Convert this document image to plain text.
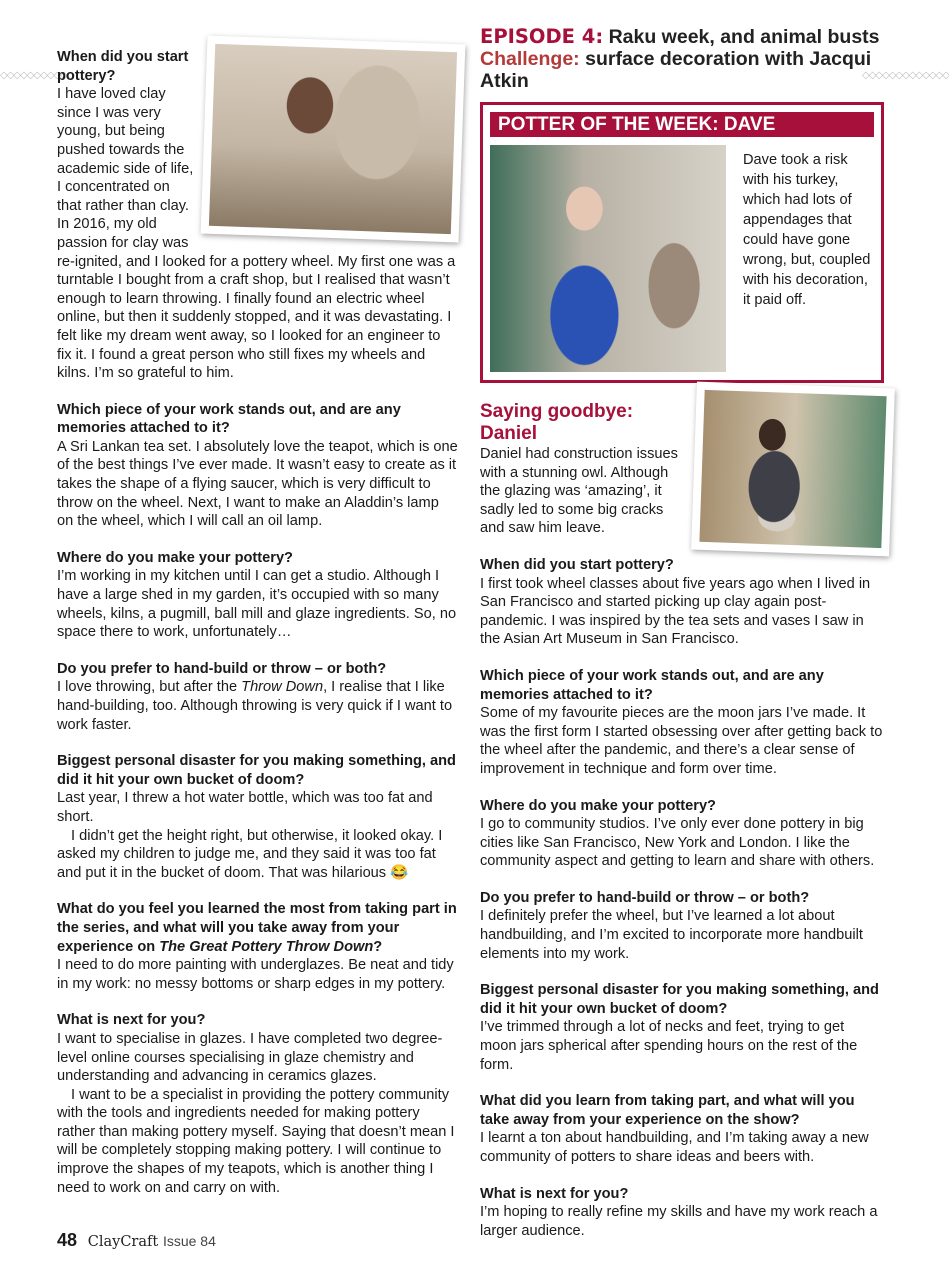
◇◇◇◇◇◇◇◇◇◇◇	◇◇◇◇◇◇◇◇◇◇◇◇◇

When did you start pottery?

I have loved clay since I was very young, but being pushed towards the academic side of life, I concentrated on that rather than clay. In 2016, my old passion for clay was re-ignited, and I looked for a pottery wheel. My first one was a turntable I bought from a craft shop, but I realised that wasn’t enough to learn throwing. I finally found an electric wheel online, but then it suddenly stopped, and it was devastating. I felt like my dream went away, so I looked for an engineer to fix it. I found a great person who still fixes my wheels and kilns. I’m so grateful to him.

Which piece of your work stands out, and are any memories attached to it?

A Sri Lankan tea set. I absolutely love the teapot, which is one of the best things I’ve ever made. It wasn’t easy to create as it takes the shape of a flying saucer, which is very difficult to throw on the wheel. Next, I want to make an Aladdin’s lamp on the wheel, which I will call an oil lamp.

Where do you make your pottery?

I’m working in my kitchen until I can get a studio. Although I have a large shed in my garden, it’s occupied with so many wheels, kilns, a pugmill, ball mill and glaze ingredients. So, no space there to work, unfortunately…

Do you prefer to hand-build or throw – or both?

I love throwing, but after the Throw Down, I realise that I like hand-building, too. Although throwing is very quick if I want to work faster.

Biggest personal disaster for you making something, and did it hit your own bucket of doom?

Last year, I threw a hot water bottle, which was too fat and short.

I didn’t get the height right, but otherwise, it looked okay. I asked my children to judge me, and they said it was too fat and put it in the bucket of doom. That was hilarious 😂

What do you feel you learned the most from taking part in the series, and what will you take away from your experience on The Great Pottery Throw Down?

I need to do more painting with underglazes. Be neat and tidy in my work: no messy bottoms or sharp edges in my pottery.

What is next for you?

I want to specialise in glazes. I have completed two degree-level online courses specialising in glaze chemistry and understanding and advancing in ceramics glazes.

I want to be a specialist in providing the pottery community with the tools and ingredients needed for making pottery rather than making pottery myself. Saying that doesn’t mean I will be completely stopping making pottery. I will continue to improve the shapes of my teapots, which is another thing I need to work on and carry on with.

EPISODE 4: Raku week, and animal busts

Challenge: surface decoration with Jacqui Atkin

POTTER OF THE WEEK: DAVE

Dave took a risk with his turkey, which had lots of appendages that could have gone wrong, but, coupled with his decoration, it paid off.

Saying goodbye: Daniel

Daniel had construction issues with a stunning owl. Although the glazing was ‘amazing’, it sadly led to some big cracks and saw him leave.

When did you start pottery?

I first took wheel classes about five years ago when I lived in San Francisco and started picking up clay again post-pandemic. I was inspired by the tea sets and vases I saw in the Asian Art Museum in San Francisco.

Which piece of your work stands out, and are any memories attached to it?

Some of my favourite pieces are the moon jars I’ve made. It was the first form I started obsessing over after getting back to the wheel after the pandemic, and there’s a clear sense of improvement in technique and form over time.

Where do you make your pottery?

I go to community studios. I’ve only ever done pottery in big cities like San Francisco, New York and London. I like the community aspect and getting to learn and share with others.

Do you prefer to hand-build or throw – or both?

I definitely prefer the wheel, but I’ve learned a lot about handbuilding, and I’m excited to incorporate more handbuilt elements into my work.

Biggest personal disaster for you making something, and did it hit your own bucket of doom?

I’ve trimmed through a lot of necks and feet, trying to get moon jars spherical after spending hours on the rest of the form.

What did you learn from taking part, and what will you take away from your experience on the show?

I learnt a ton about handbuilding, and I’m taking away a new community of potters to share ideas and beers with.

What is next for you?

I’m hoping to really refine my skills and have my work reach a larger audience.

48 ClayCraft Issue 84
